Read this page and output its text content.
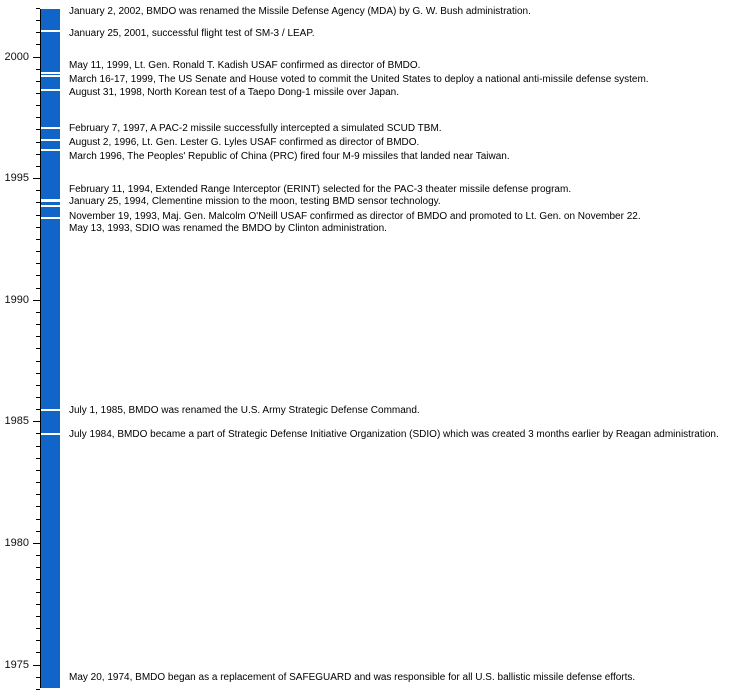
1975
1980
1985
1990
1995
2000
January 2, 2002, BMDO was renamed the Missile Defense Agency (MDA) by G. W. Bush administration.
January 25, 2001, successful flight test of SM-3 / LEAP.
May 11, 1999, Lt. Gen. Ronald T. Kadish USAF confirmed as director of BMDO.
March 16-17, 1999, The US Senate and House voted to commit the United States to deploy a national anti-missile defense system.
August 31, 1998, North Korean test of a Taepo Dong-1 missile over Japan.
February 7, 1997, A PAC-2 missile successfully intercepted a simulated SCUD TBM.
August 2, 1996, Lt. Gen. Lester G. Lyles USAF confirmed as director of BMDO.
March 1996, The Peoples' Republic of China (PRC) fired four M-9 missiles that landed near Taiwan.
February 11, 1994, Extended Range Interceptor (ERINT) selected for the PAC-3 theater missile defense program.
January 25, 1994, Clementine mission to the moon, testing BMD sensor technology.
November 19, 1993, Maj. Gen. Malcolm O'Neill USAF confirmed as director of BMDO and promoted to Lt. Gen. on November 22.
May 13, 1993, SDIO was renamed the BMDO by Clinton administration.
July 1, 1985, BMDO was renamed the U.S. Army Strategic Defense Command.
July 1984, BMDO became a part of Strategic Defense Initiative Organization (SDIO) which was created 3 months earlier by Reagan administration.
May 20, 1974, BMDO began as a replacement of SAFEGUARD and was responsible for all U.S. ballistic missile defense efforts.
